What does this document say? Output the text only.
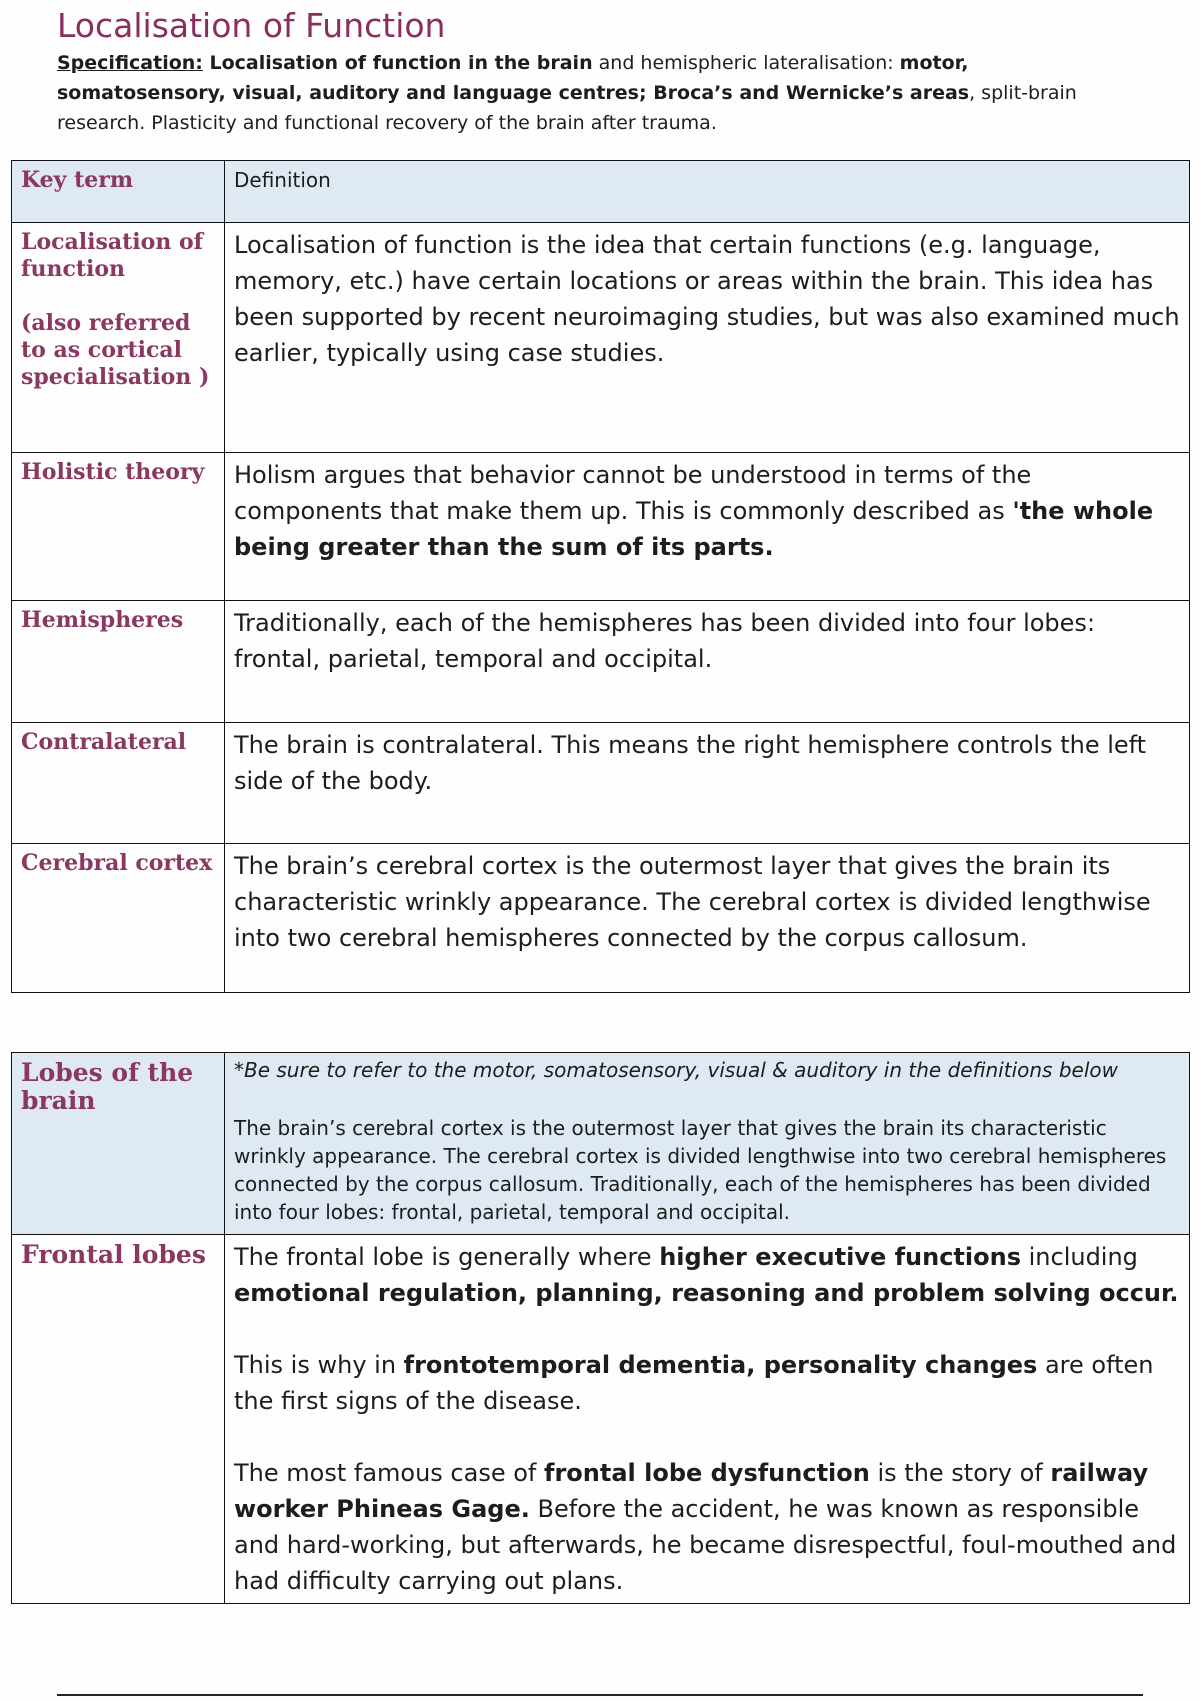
Localisation of Function
Specification: Localisation of function in the brain and hemispheric lateralisation: motor, somatosensory, visual, auditory and language centres; Broca’s and Wernicke’s areas, split-brain research. Plasticity and functional recovery of the brain after trauma.
Key term	Definition

Localisation of function
(also referred to as cortical specialisation )	Localisation of function is the idea that certain functions (e.g. language, memory, etc.) have certain locations or areas within the brain. This idea has been supported by recent neuroimaging studies, but was also examined much earlier, typically using case studies.

Holistic theory	Holism argues that behavior cannot be understood in terms of the components that make them up. This is commonly described as 'the whole being greater than the sum of its parts.

Hemispheres	Traditionally, each of the hemispheres has been divided into four lobes: frontal, parietal, temporal and occipital.

Contralateral	The brain is contralateral. This means the right hemisphere controls the left side of the body.

Cerebral cortex	The brain’s cerebral cortex is the outermost layer that gives the brain its characteristic wrinkly appearance. The cerebral cortex is divided lengthwise into two cerebral hemispheres connected by the corpus callosum.

Lobes of the brain	*Be sure to refer to the motor, somatosensory, visual & auditory in the definitions below
The brain’s cerebral cortex is the outermost layer that gives the brain its characteristic wrinkly appearance. The cerebral cortex is divided lengthwise into two cerebral hemispheres connected by the corpus callosum. Traditionally, each of the hemispheres has been divided into four lobes: frontal, parietal, temporal and occipital.

Frontal lobes	The frontal lobe is generally where higher executive functions including emotional regulation, planning, reasoning and problem solving occur.

This is why in frontotemporal dementia, personality changes are often the first signs of the disease.

The most famous case of frontal lobe dysfunction is the story of railway worker Phineas Gage. Before the accident, he was known as responsible and hard-working, but afterwards, he became disrespectful, foul-mouthed and had difficulty carrying out plans.
